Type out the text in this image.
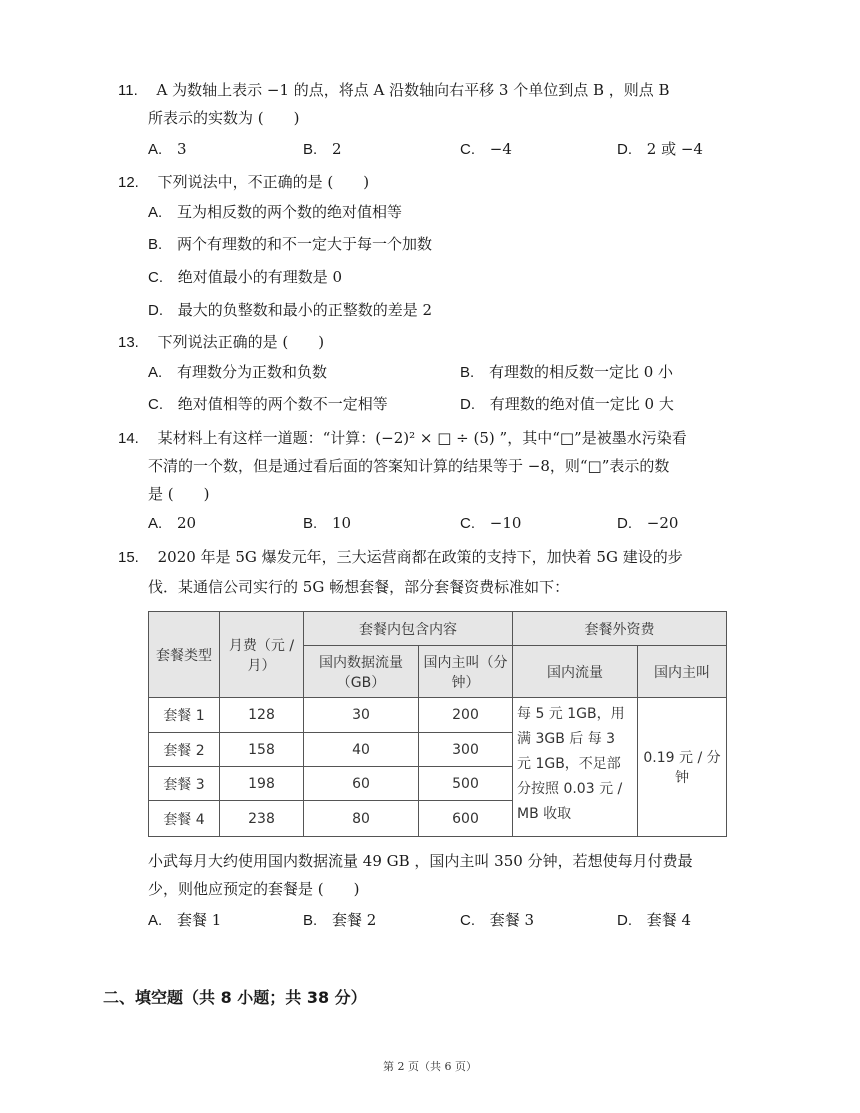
11. A 为数轴上表示 −1 的点，将点 A 沿数轴向右平移 3 个单位到点 B ，则点 B
所表示的实数为 (　　)
A. 3	B. 2	C. −4	D. 2 或 −4
12. 下列说法中，不正确的是 (　　)
A. 互为相反数的两个数的绝对值相等
B. 两个有理数的和不一定大于每一个加数
C. 绝对值最小的有理数是 0
D. 最大的负整数和最小的正整数的差是 2
13. 下列说法正确的是 (　　)
A. 有理数分为正数和负数	B. 有理数的相反数一定比 0 小
C. 绝对值相等的两个数不一定相等	D. 有理数的绝对值一定比 0 大
14. 某材料上有这样一道题：“计算：(−2)² × □ ÷ (5) ”，其中“□”是被墨水污染看
不清的一个数，但是通过看后面的答案知计算的结果等于 −8，则“□”表示的数
是 (　　)
A. 20	B. 10	C. −10	D. −20
15. 2020 年是 5G 爆发元年，三大运营商都在政策的支持下，加快着 5G 建设的步
伐．某通信公司实行的 5G 畅想套餐，部分套餐资费标准如下：
套餐类型	月费（元 / 月）	套餐内包含内容		套餐外资费	
		国内数据流量（GB）	国内主叫（分钟）	国内流量	国内主叫
套餐 1	128	30	200	每 5 元 1GB，用满 3GB 后 每 3 元 1GB，不足部分按照 0.03 元 / MB 收取	0.19 元 / 分钟
套餐 2	158	40	300		
套餐 3	198	60	500		
套餐 4	238	80	600		
小武每月大约使用国内数据流量 49 GB ，国内主叫 350 分钟，若想使每月付费最
少，则他应预定的套餐是 (　　)
A. 套餐 1	B. 套餐 2	C. 套餐 3	D. 套餐 4
二、填空题（共 8 小题；共 38 分）
第 2 页（共 6 页）
